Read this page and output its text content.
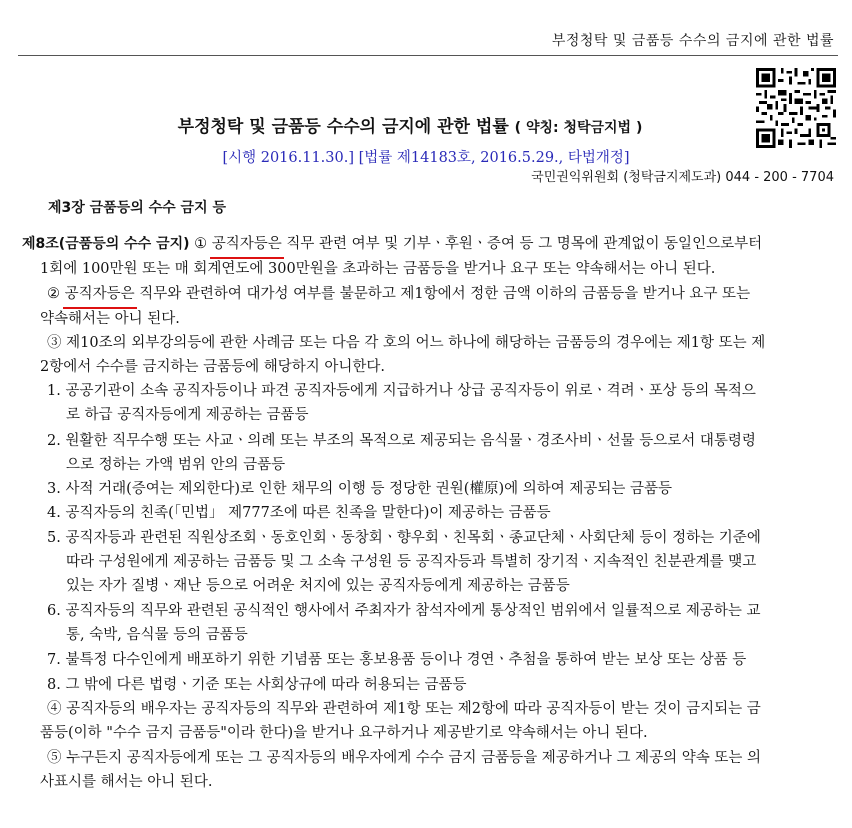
부정청탁 및 금품등 수수의 금지에 관한 법률
부정청탁 및 금품등 수수의 금지에 관한 법률 ( 약칭: 청탁금지법 )
[시행 2016.11.30.] [법률 제14183호, 2016.5.29., 타법개정]
국민권익위원회 (청탁금지제도과) 044 - 200 - 7704
제3장 금품등의 수수 금지 등
제8조(금품등의 수수 금지) ① 공직자등은 직무 관련 여부 및 기부ㆍ후원ㆍ증여 등 그 명목에 관계없이 동일인으로부터
1회에 100만원 또는 매 회계연도에 300만원을 초과하는 금품등을 받거나 요구 또는 약속해서는 아니 된다.
② 공직자등은 직무와 관련하여 대가성 여부를 불문하고 제1항에서 정한 금액 이하의 금품등을 받거나 요구 또는
약속해서는 아니 된다.
③ 제10조의 외부강의등에 관한 사례금 또는 다음 각 호의 어느 하나에 해당하는 금품등의 경우에는 제1항 또는 제
2항에서 수수를 금지하는 금품등에 해당하지 아니한다.
1. 공공기관이 소속 공직자등이나 파견 공직자등에게 지급하거나 상급 공직자등이 위로ㆍ격려ㆍ포상 등의 목적으
로 하급 공직자등에게 제공하는 금품등
2. 원활한 직무수행 또는 사교ㆍ의례 또는 부조의 목적으로 제공되는 음식물ㆍ경조사비ㆍ선물 등으로서 대통령령
으로 정하는 가액 범위 안의 금품등
3. 사적 거래(증여는 제외한다)로 인한 채무의 이행 등 정당한 권원(權原)에 의하여 제공되는 금품등
4. 공직자등의 친족(「민법」 제777조에 따른 친족을 말한다)이 제공하는 금품등
5. 공직자등과 관련된 직원상조회ㆍ동호인회ㆍ동창회ㆍ향우회ㆍ친목회ㆍ종교단체ㆍ사회단체 등이 정하는 기준에
따라 구성원에게 제공하는 금품등 및 그 소속 구성원 등 공직자등과 특별히 장기적ㆍ지속적인 친분관계를 맺고
있는 자가 질병ㆍ재난 등으로 어려운 처지에 있는 공직자등에게 제공하는 금품등
6. 공직자등의 직무와 관련된 공식적인 행사에서 주최자가 참석자에게 통상적인 범위에서 일률적으로 제공하는 교
통, 숙박, 음식물 등의 금품등
7. 불특정 다수인에게 배포하기 위한 기념품 또는 홍보용품 등이나 경연ㆍ추첨을 통하여 받는 보상 또는 상품 등
8. 그 밖에 다른 법령ㆍ기준 또는 사회상규에 따라 허용되는 금품등
④ 공직자등의 배우자는 공직자등의 직무와 관련하여 제1항 또는 제2항에 따라 공직자등이 받는 것이 금지되는 금
품등(이하 "수수 금지 금품등"이라 한다)을 받거나 요구하거나 제공받기로 약속해서는 아니 된다.
⑤ 누구든지 공직자등에게 또는 그 공직자등의 배우자에게 수수 금지 금품등을 제공하거나 그 제공의 약속 또는 의
사표시를 해서는 아니 된다.
